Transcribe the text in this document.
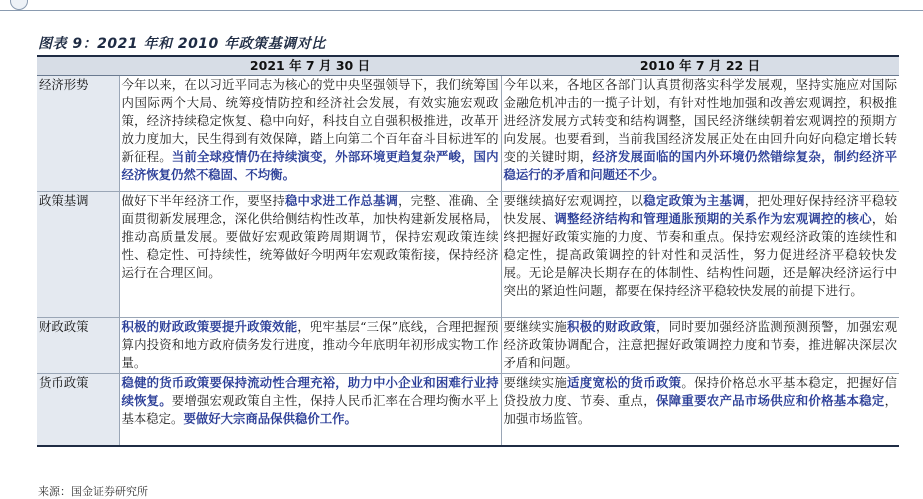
图表 9：2021 年和 2010 年政策基调对比
	2021 年 7 月 30 日	2010 年 7 月 22 日
经济形势	今年以来，在以习近平同志为核心的党中央坚强领导下，我们统筹国内国际两个大局、统筹疫情防控和经济社会发展，有效实施宏观政策，经济持续稳定恢复、稳中向好，科技自立自强积极推进，改革开放力度加大，民生得到有效保障，踏上向第二个百年奋斗目标进军的新征程。当前全球疫情仍在持续演变，外部环境更趋复杂严峻，国内经济恢复仍然不稳固、不均衡。	今年以来，各地区各部门认真贯彻落实科学发展观，坚持实施应对国际金融危机冲击的一揽子计划，有针对性地加强和改善宏观调控，积极推进经济发展方式转变和结构调整，国民经济继续朝着宏观调控的预期方向发展。也要看到，当前我国经济发展正处在由回升向好向稳定增长转变的关键时期，经济发展面临的国内外环境仍然错综复杂，制约经济平稳运行的矛盾和问题还不少。
政策基调	做好下半年经济工作，要坚持稳中求进工作总基调，完整、准确、全面贯彻新发展理念，深化供给侧结构性改革，加快构建新发展格局，推动高质量发展。要做好宏观政策跨周期调节，保持宏观政策连续性、稳定性、可持续性，统筹做好今明两年宏观政策衔接，保持经济运行在合理区间。	要继续搞好宏观调控，以稳定政策为主基调，把处理好保持经济平稳较快发展、调整经济结构和管理通胀预期的关系作为宏观调控的核心，始终把握好政策实施的力度、节奏和重点。保持宏观经济政策的连续性和稳定性，提高政策调控的针对性和灵活性，努力促进经济平稳较快发展。无论是解决长期存在的体制性、结构性问题，还是解决经济运行中突出的紧迫性问题，都要在保持经济平稳较快发展的前提下进行。
财政政策	积极的财政政策要提升政策效能，兜牢基层“三保”底线，合理把握预算内投资和地方政府债务发行进度，推动今年底明年初形成实物工作量。	要继续实施积极的财政政策，同时要加强经济监测预测预警，加强宏观经济政策协调配合，注意把握好政策调控力度和节奏，推进解决深层次矛盾和问题。
货币政策	稳健的货币政策要保持流动性合理充裕，助力中小企业和困难行业持续恢复。要增强宏观政策自主性，保持人民币汇率在合理均衡水平上基本稳定。要做好大宗商品保供稳价工作。	要继续实施适度宽松的货币政策。保持价格总水平基本稳定，把握好信贷投放力度、节奏、重点，保障重要农产品市场供应和价格基本稳定，加强市场监管。
来源：国金证券研究所
